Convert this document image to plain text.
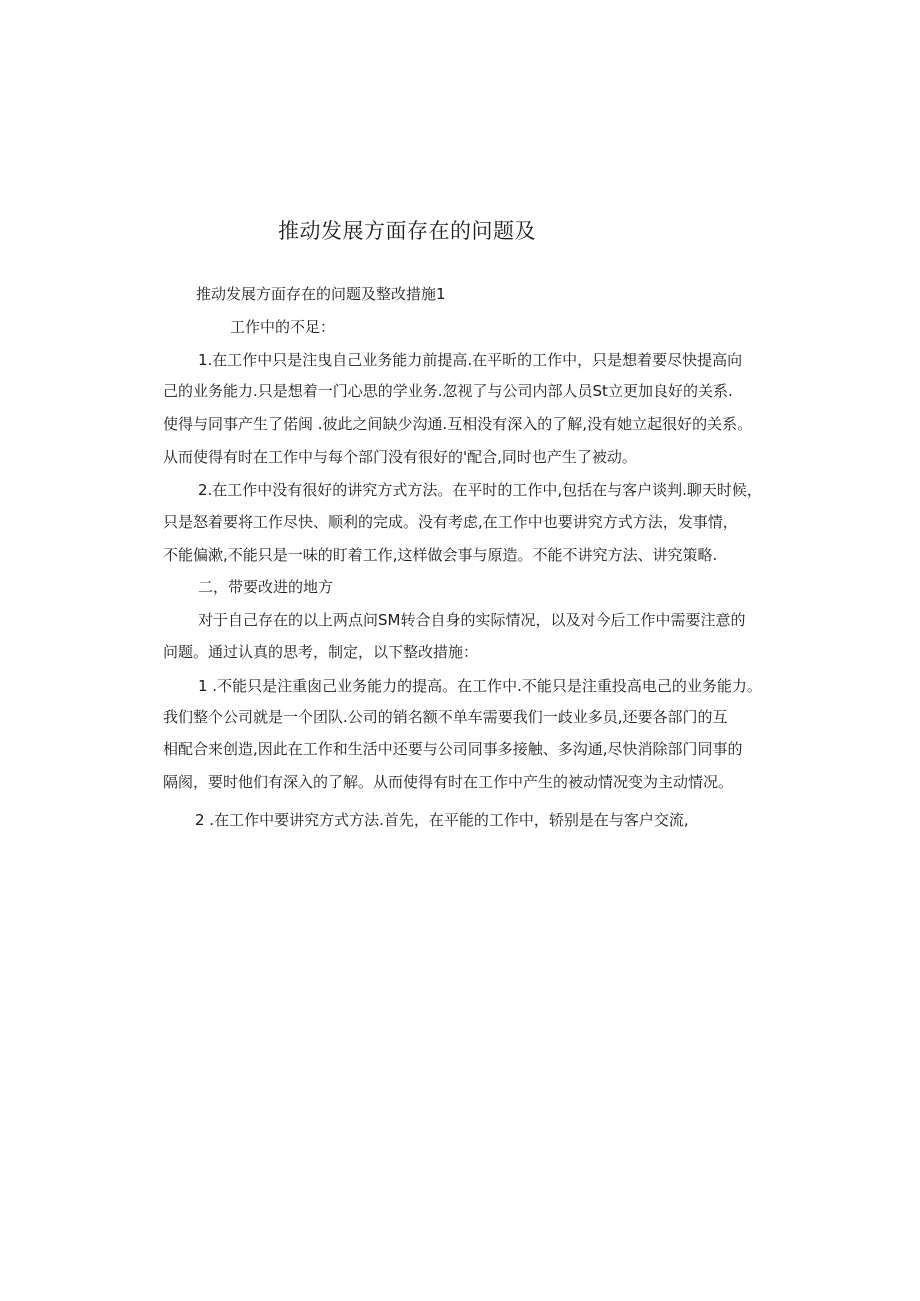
推动发展方面存在的问题及
推动发展方面存在的问题及整改措施1
工作中的不足：
1.在工作中只是注曳自己业务能力前提高.在平昕的工作中，只是想着要尽快提高向
己的业务能力.只是想着一门心思的学业务.忽视了与公司内部人员St立更加良好的关系.
使得与同事产生了偌闽 .彼此之间缺少沟通.互相没有深入的了解,没有她立起很好的关系。
从而使得有时在工作中与每个部门没有很好的'配合,同时也产生了被动。
2.在工作中没有很好的讲究方式方法。在平时的工作中,包括在与客户谈判.聊天时候，
只是怒着要将工作尽快、顺利的完成。没有考虑,在工作中也要讲究方式方法，发事情，
不能偏漱,不能只是一味的盯着工作,这样做会事与原造。不能不讲究方法、讲究策略.
二，带要改进的地方
对于自己存在的以上两点问SM转合自身的实际情况，以及对今后工作中需要注意的
问题。通过认真的思考，制定，以下整改措施：
1 .不能只是注重囱己业务能力的提高。在工作中.不能只是注重投高电己的业务能力。
我们整个公司就是一个团队.公司的销名额不单车需要我们一歧业多员,还要各部门的互
相配合来创造,因此在工作和生活中还要与公司同事多接触、多沟通,尽快消除部门同事的
隔阂，要时他们有深入的了解。从而使得有时在工作中产生的被动情况变为主动情况。
2 .在工作中要讲究方式方法.首先，在平能的工作中，轿别是在与客户交流,
